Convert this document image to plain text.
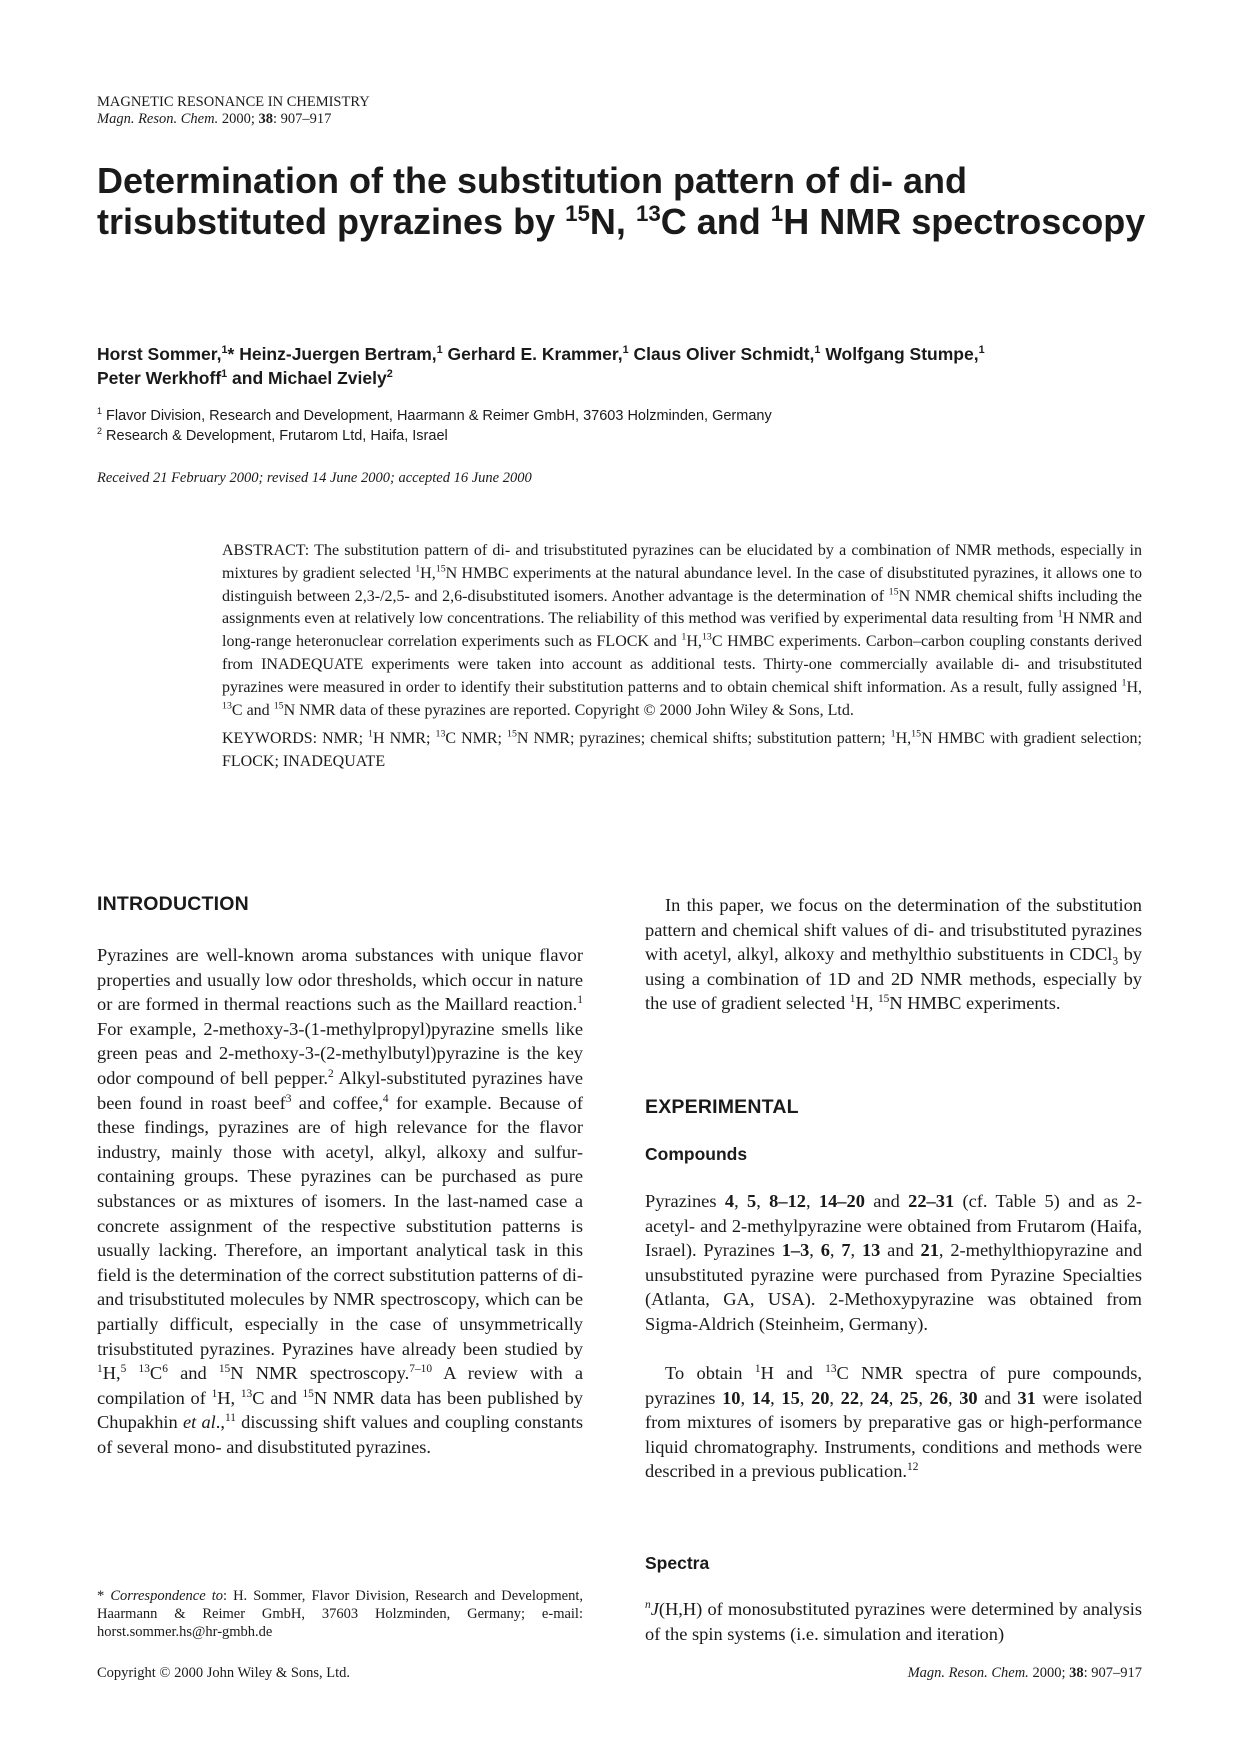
MAGNETIC RESONANCE IN CHEMISTRY
Magn. Reson. Chem. 2000; 38: 907–917
Determination of the substitution pattern of di- and trisubstituted pyrazines by $^{15}$N, $^{13}$C and $^1$H NMR spectroscopy
Horst Sommer,$^1$* Heinz-Juergen Bertram,$^1$ Gerhard E. Krammer,$^1$ Claus Oliver Schmidt,$^1$ Wolfgang Stumpe,$^1$
Peter Werkhoff$^1$ and Michael Zviely$^2$
$^1$ Flavor Division, Research and Development, Haarmann & Reimer GmbH, 37603 Holzminden, Germany
$^2$ Research & Development, Frutarom Ltd, Haifa, Israel
Received 21 February 2000; revised 14 June 2000; accepted 16 June 2000

ABSTRACT: The substitution pattern of di- and trisubstituted pyrazines can be elucidated by a combination of NMR methods, especially in mixtures by gradient selected $^1$H,$^{15}$N HMBC experiments at the natural abundance level. In the case of disubstituted pyrazines, it allows one to distinguish between 2,3-/2,5- and 2,6-disubstituted isomers. Another advantage is the determination of $^{15}$N NMR chemical shifts including the assignments even at relatively low concentrations. The reliability of this method was verified by experimental data resulting from $^1$H NMR and long-range heteronuclear correlation experiments such as FLOCK and $^1$H,$^{13}$C HMBC experiments. Carbon–carbon coupling constants derived from INADEQUATE experiments were taken into account as additional tests. Thirty-one commercially available di- and trisubstituted pyrazines were measured in order to identify their substitution patterns and to obtain chemical shift information. As a result, fully assigned $^1$H, $^{13}$C and $^{15}$N NMR data of these pyrazines are reported. Copyright © 2000 John Wiley & Sons, Ltd.

KEYWORDS: NMR; $^1$H NMR; $^{13}$C NMR; $^{15}$N NMR; pyrazines; chemical shifts; substitution pattern; $^1$H,$^{15}$N HMBC with gradient selection; FLOCK; INADEQUATE

INTRODUCTION

Pyrazines are well-known aroma substances with unique flavor properties and usually low odor thresholds, which occur in nature or are formed in thermal reactions such as the Maillard reaction.$^1$ For example, 2-methoxy-3-(1-methylpropyl)pyrazine smells like green peas and 2-methoxy-3-(2-methylbutyl)pyrazine is the key odor compound of bell pepper.$^2$ Alkyl-substituted pyrazines have been found in roast beef$^3$ and coffee,$^4$ for example. Because of these findings, pyrazines are of high relevance for the flavor industry, mainly those with acetyl, alkyl, alkoxy and sulfur-containing groups. These pyrazines can be purchased as pure substances or as mixtures of isomers. In the last-named case a concrete assignment of the respective substitution patterns is usually lacking. Therefore, an important analytical task in this field is the determination of the correct substitution patterns of di- and trisubstituted molecules by NMR spectroscopy, which can be partially difficult, especially in the case of unsymmetrically trisubstituted pyrazines. Pyrazines have already been studied by $^1$H,$^5$ $^{13}C^6$ and $^{15}$N NMR spectroscopy.$^{7-10}$ A review with a compilation of $^1$H, $^{13}$C and $^{15}$N NMR data has been published by Chupakhin et al.,$^{11}$ discussing shift values and coupling constants of several mono- and disubstituted pyrazines.

* Correspondence to: H. Sommer, Flavor Division, Research and Development, Haarmann & Reimer GmbH, 37603 Holzminden, Germany; e-mail: horst.sommer.hs@hr-gmbh.de

In this paper, we focus on the determination of the substitution pattern and chemical shift values of di- and trisubstituted pyrazines with acetyl, alkyl, alkoxy and methylthio substituents in CDCl$_3$ by using a combination of 1D and 2D NMR methods, especially by the use of gradient selected $^1$H, $^{15}$N HMBC experiments.

EXPERIMENTAL
Compounds

Pyrazines 4, 5, 8–12, 14–20 and 22–31 (cf. Table 5) and as 2-acetyl- and 2-methylpyrazine were obtained from Frutarom (Haifa, Israel). Pyrazines 1–3, 6, 7, 13 and 21, 2-methylthiopyrazine and unsubstituted pyrazine were purchased from Pyrazine Specialties (Atlanta, GA, USA). 2-Methoxypyrazine was obtained from Sigma-Aldrich (Steinheim, Germany).

To obtain $^1$H and $^{13}$C NMR spectra of pure compounds, pyrazines 10, 14, 15, 20, 22, 24, 25, 26, 30 and 31 were isolated from mixtures of isomers by preparative gas or high-performance liquid chromatography. Instruments, conditions and methods were described in a previous publication.$^{12}$

Spectra

$^n$J(H,H) of monosubstituted pyrazines were determined by analysis of the spin systems (i.e. simulation and iteration)

Copyright © 2000 John Wiley & Sons, Ltd.	Magn. Reson. Chem. 2000; 38: 907–917
